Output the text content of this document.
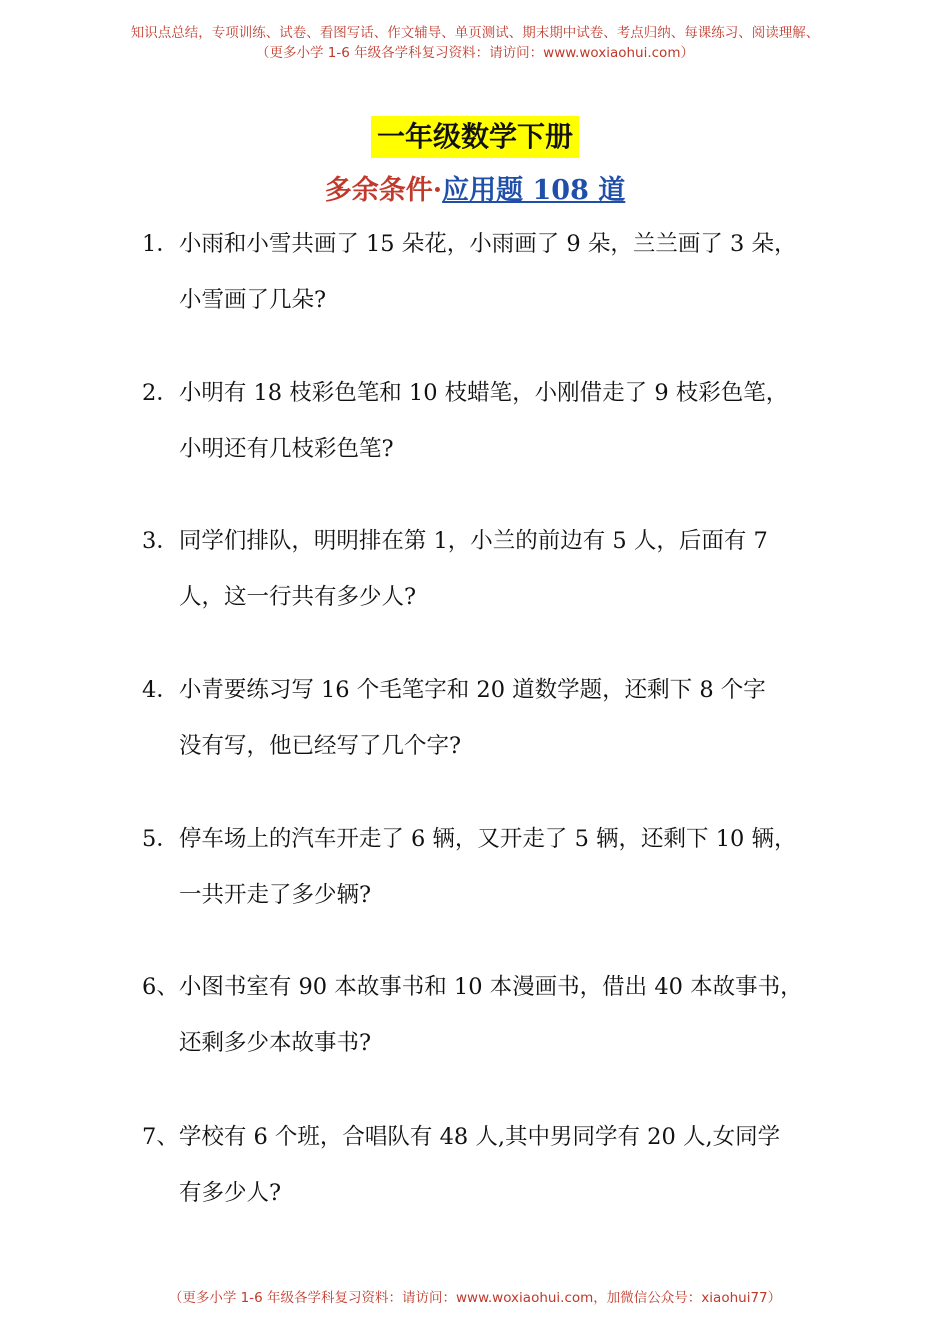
知识点总结，专项训练、试卷、看图写话、作文辅导、单页测试、期末期中试卷、考点归纳、每课练习、阅读理解、
（更多小学 1-6 年级各学科复习资料：请访问：www.woxiaohui.com）
一年级数学下册
多余条件·应用题 108 道
1．小雨和小雪共画了 15 朵花，小雨画了 9 朵，兰兰画了 3 朵，
小雪画了几朵?
2．小明有 18 枝彩色笔和 10 枝蜡笔，小刚借走了 9 枝彩色笔，
小明还有几枝彩色笔?
3．同学们排队，明明排在第 1，小兰的前边有 5 人，后面有 7
人，这一行共有多少人?
4．小青要练习写 16 个毛笔字和 20 道数学题，还剩下 8 个字
没有写，他已经写了几个字?
5．停车场上的汽车开走了 6 辆，又开走了 5 辆，还剩下 10 辆，
一共开走了多少辆?
6、小图书室有 90 本故事书和 10 本漫画书，借出 40 本故事书，
还剩多少本故事书?
7、学校有 6 个班，合唱队有 48 人,其中男同学有 20 人,女同学
有多少人?
（更多小学 1-6 年级各学科复习资料：请访问：www.woxiaohui.com，加微信公众号：xiaohui77）
